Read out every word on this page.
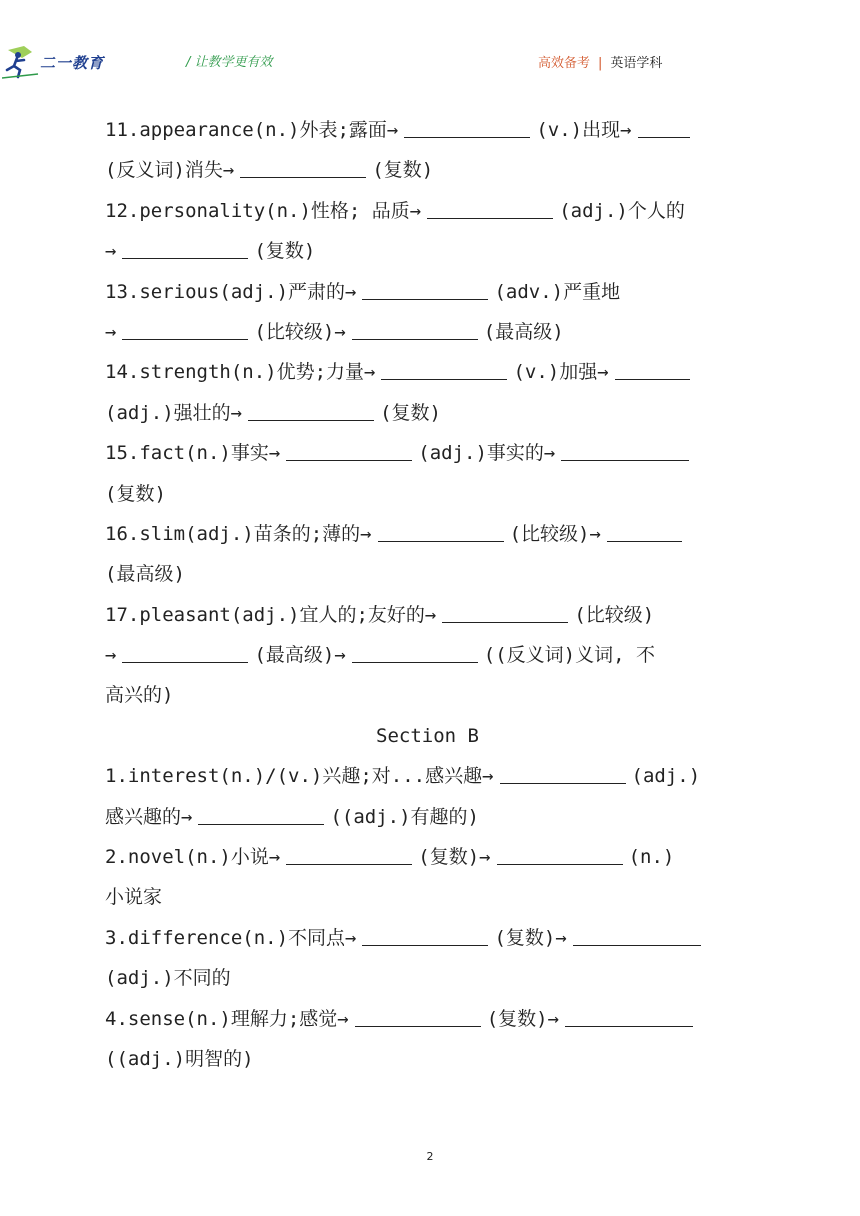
二一教育	/ 让教学更有效	高效备考 | 英语学科
11.appearance(n.)外表;露面→	(v.)出现→
(反义词)消失→	(复数)
12.personality(n.)性格; 品质→	(adj.)个人的
→	(复数)
13.serious(adj.)严肃的→	(adv.)严重地
→	(比较级)→	(最高级)
14.strength(n.)优势;力量→	(v.)加强→
(adj.)强壮的→	(复数)
15.fact(n.)事实→	(adj.)事实的→
(复数)
16.slim(adj.)苗条的;薄的→	(比较级)→
(最高级)
17.pleasant(adj.)宜人的;友好的→	(比较级)
→	(最高级)→	((反义词)义词, 不
高兴的)
Section B
1.interest(n.)/(v.)兴趣;对...感兴趣→	(adj.)
感兴趣的→	((adj.)有趣的)
2.novel(n.)小说→	(复数)→	(n.)
小说家
3.difference(n.)不同点→	(复数)→
(adj.)不同的
4.sense(n.)理解力;感觉→	(复数)→
((adj.)明智的)
2
